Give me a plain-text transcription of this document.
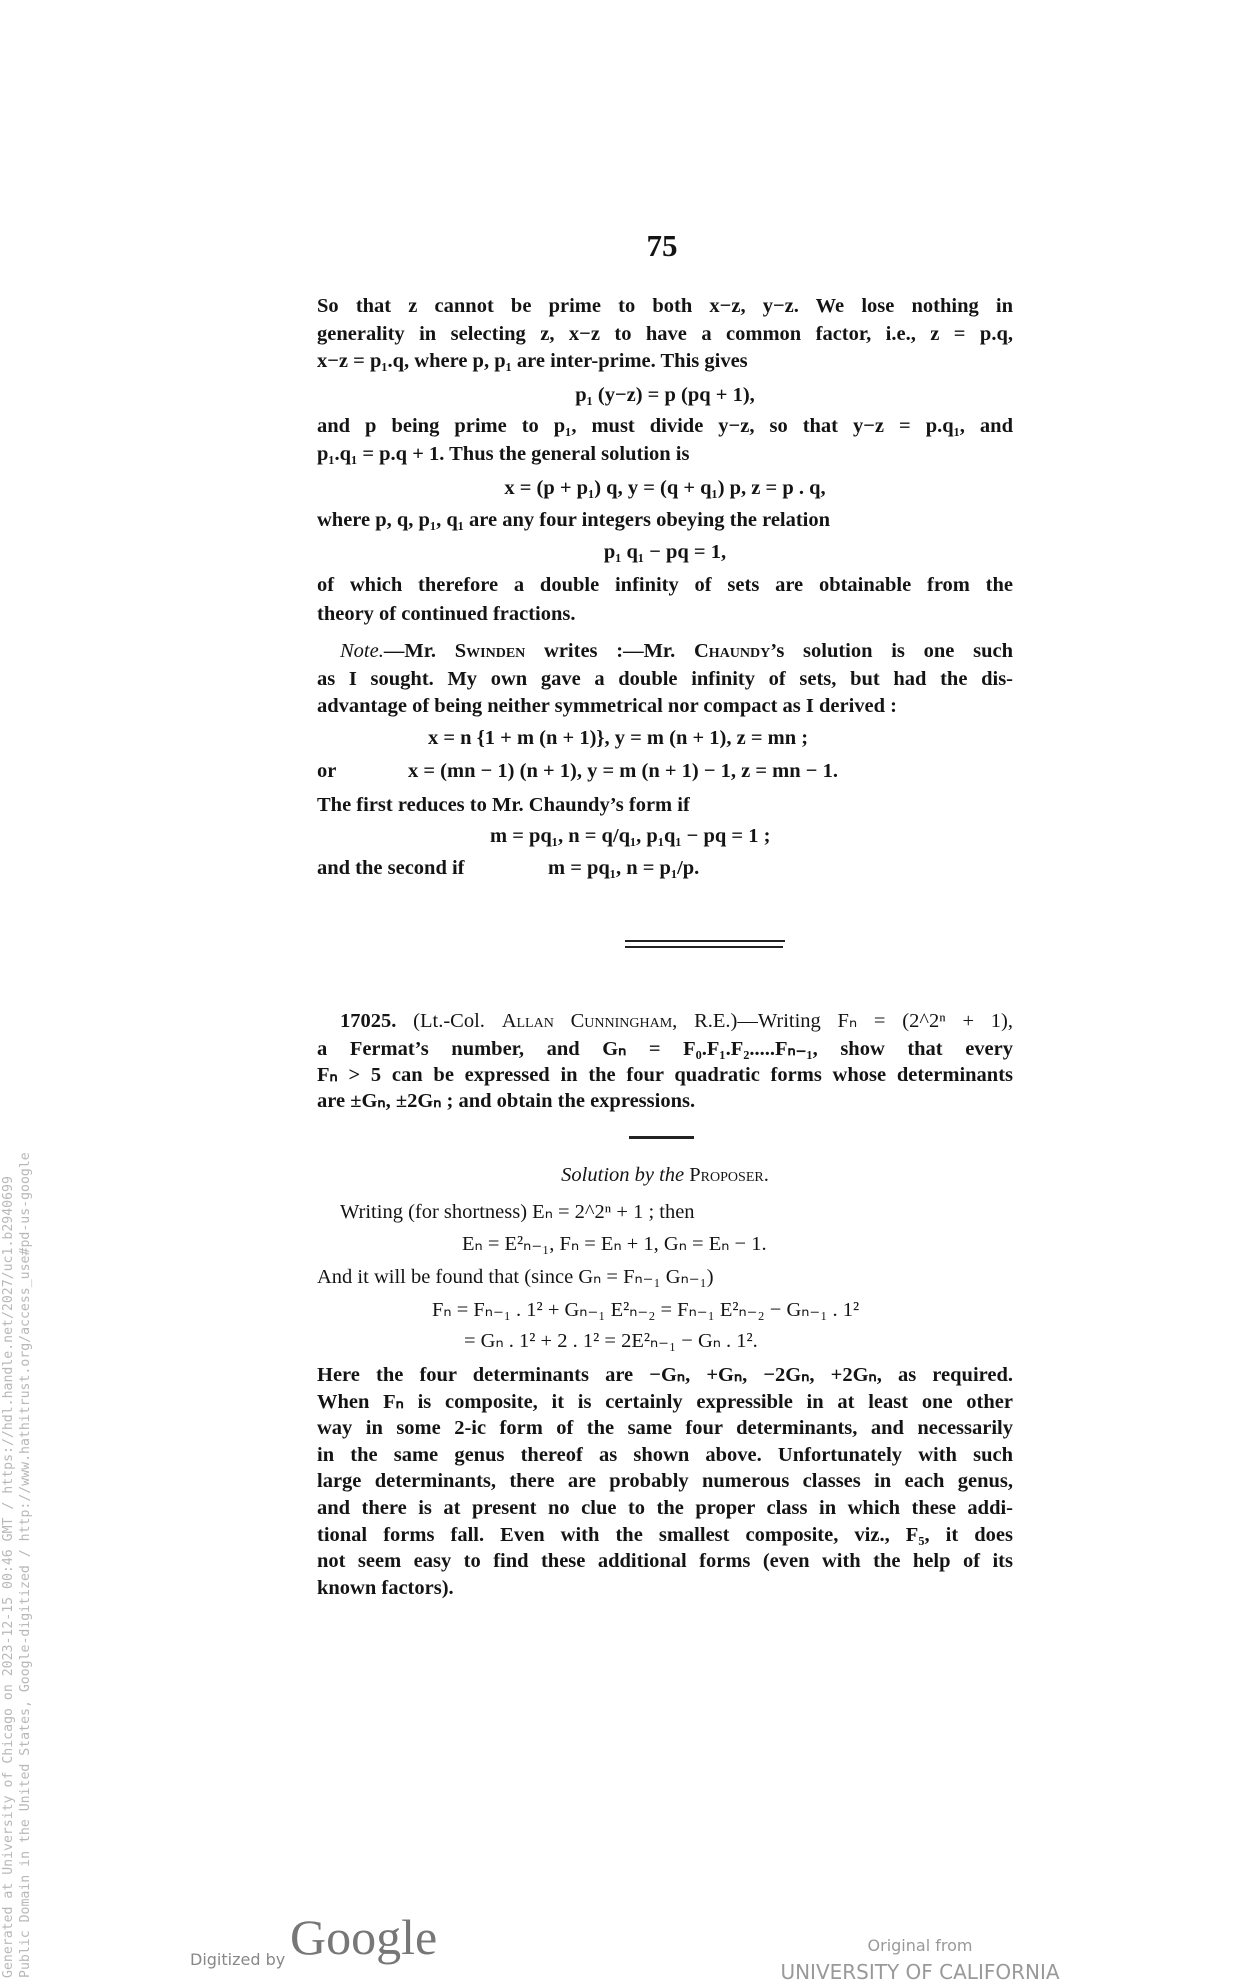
75
So that z cannot be prime to both x−z, y−z. We lose nothing in
generality in selecting z, x−z to have a common factor, i.e., z = p.q,
x−z = p₁.q, where p, p₁ are inter-prime. This gives
p₁ (y−z) = p (pq + 1),
and p being prime to p₁, must divide y−z, so that y−z = p.q₁, and
p₁.q₁ = p.q + 1. Thus the general solution is
x = (p + p₁) q, y = (q + q₁) p, z = p . q,
where p, q, p₁, q₁ are any four integers obeying the relation
p₁ q₁ − pq = 1,
of which therefore a double infinity of sets are obtainable from the
theory of continued fractions.
Note.—Mr. Swinden writes :—Mr. Chaundy’s solution is one such
as I sought. My own gave a double infinity of sets, but had the dis-
advantage of being neither symmetrical nor compact as I derived :
x = n {1 + m (n + 1)}, y = m (n + 1), z = mn ;
or	x = (mn − 1) (n + 1), y = m (n + 1) − 1, z = mn − 1.
The first reduces to Mr. Chaundy’s form if
m = pq₁, n = q/q₁, p₁q₁ − pq = 1 ;
and the second if	m = pq₁, n = p₁/p.
17025. (Lt.-Col. Allan Cunningham, R.E.)—Writing Fₙ = (2^2ⁿ + 1),
a Fermat’s number, and Gₙ = F₀.F₁.F₂.....Fₙ₋₁, show that every
Fₙ > 5 can be expressed in the four quadratic forms whose determinants
are ±Gₙ, ±2Gₙ ; and obtain the expressions.
Solution by the Proposer.
Writing (for shortness) Eₙ = 2^2ⁿ + 1 ; then
Eₙ = E²ₙ₋₁, Fₙ = Eₙ + 1, Gₙ = Eₙ − 1.
And it will be found that (since Gₙ = Fₙ₋₁ Gₙ₋₁)
Fₙ = Fₙ₋₁ . 1² + Gₙ₋₁ E²ₙ₋₂ = Fₙ₋₁ E²ₙ₋₂ − Gₙ₋₁ . 1²
= Gₙ . 1² + 2 . 1² = 2E²ₙ₋₁ − Gₙ . 1².
Here the four determinants are −Gₙ, +Gₙ, −2Gₙ, +2Gₙ, as required.
When Fₙ is composite, it is certainly expressible in at least one other
way in some 2-ic form of the same four determinants, and necessarily
in the same genus thereof as shown above. Unfortunately with such
large determinants, there are probably numerous classes in each genus,
and there is at present no clue to the proper class in which these addi-
tional forms fall. Even with the smallest composite, viz., F₅, it does
not seem easy to find these additional forms (even with the help of its
known factors).
Generated at University of Chicago on 2023-12-15 00:46 GMT / https://hdl.handle.net/2027/uc1.b2940699 Public Domain in the United States, Google-digitized / http://www.hathitrust.org/access_use#pd-us-google	Digitized by Google	Original from
UNIVERSITY OF CALIFORNIA
